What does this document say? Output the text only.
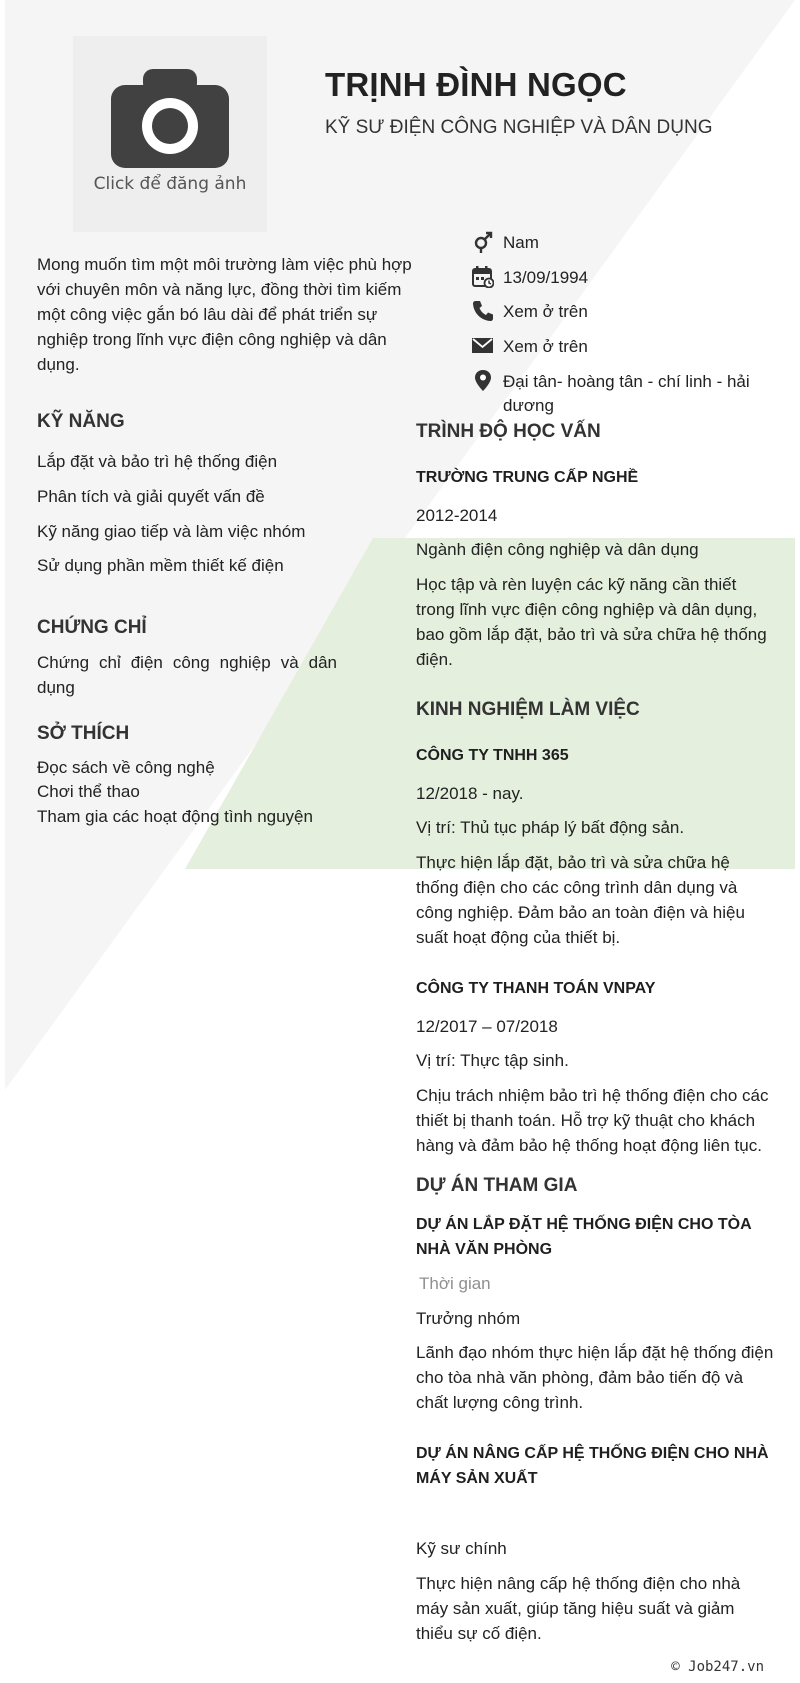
Click để đăng ảnh
TRỊNH ĐÌNH NGỌC
KỸ SƯ ĐIỆN CÔNG NGHIỆP VÀ DÂN DỤNG
Nam
13/09/1994
Xem ở trên
Xem ở trên
Đại tân- hoàng tân - chí linh - hải dương
Mong muốn tìm một môi trường làm việc phù hợp với chuyên môn và năng lực, đồng thời tìm kiếm một công việc gắn bó lâu dài để phát triển sự nghiệp trong lĩnh vực điện công nghiệp và dân dụng.
KỸ NĂNG
Lắp đặt và bảo trì hệ thống điện
Phân tích và giải quyết vấn đề
Kỹ năng giao tiếp và làm việc nhóm
Sử dụng phần mềm thiết kế điện
CHỨNG CHỈ
Chứng chỉ điện công nghiệp và dân dụng
SỞ THÍCH
Đọc sách về công nghệ
Chơi thể thao
Tham gia các hoạt động tình nguyện
TRÌNH ĐỘ HỌC VẤN
TRƯỜNG TRUNG CẤP NGHỀ
2012-2014
Ngành điện công nghiệp và dân dụng
Học tập và rèn luyện các kỹ năng cần thiết trong lĩnh vực điện công nghiệp và dân dụng, bao gồm lắp đặt, bảo trì và sửa chữa hệ thống điện.
KINH NGHIỆM LÀM VIỆC
CÔNG TY TNHH 365
12/2018 - nay.
Vị trí: Thủ tục pháp lý bất động sản.
Thực hiện lắp đặt, bảo trì và sửa chữa hệ thống điện cho các công trình dân dụng và công nghiệp. Đảm bảo an toàn điện và hiệu suất hoạt động của thiết bị.
CÔNG TY THANH TOÁN VNPAY
12/2017 – 07/2018
Vị trí: Thực tập sinh.
Chịu trách nhiệm bảo trì hệ thống điện cho các thiết bị thanh toán. Hỗ trợ kỹ thuật cho khách hàng và đảm bảo hệ thống hoạt động liên tục.
DỰ ÁN THAM GIA
DỰ ÁN LẮP ĐẶT HỆ THỐNG ĐIỆN CHO TÒA NHÀ VĂN PHÒNG
Thời gian
Trưởng nhóm
Lãnh đạo nhóm thực hiện lắp đặt hệ thống điện cho tòa nhà văn phòng, đảm bảo tiến độ và chất lượng công trình.
DỰ ÁN NÂNG CẤP HỆ THỐNG ĐIỆN CHO NHÀ MÁY SẢN XUẤT
Kỹ sư chính
Thực hiện nâng cấp hệ thống điện cho nhà máy sản xuất, giúp tăng hiệu suất và giảm thiểu sự cố điện.
© Job247.vn
